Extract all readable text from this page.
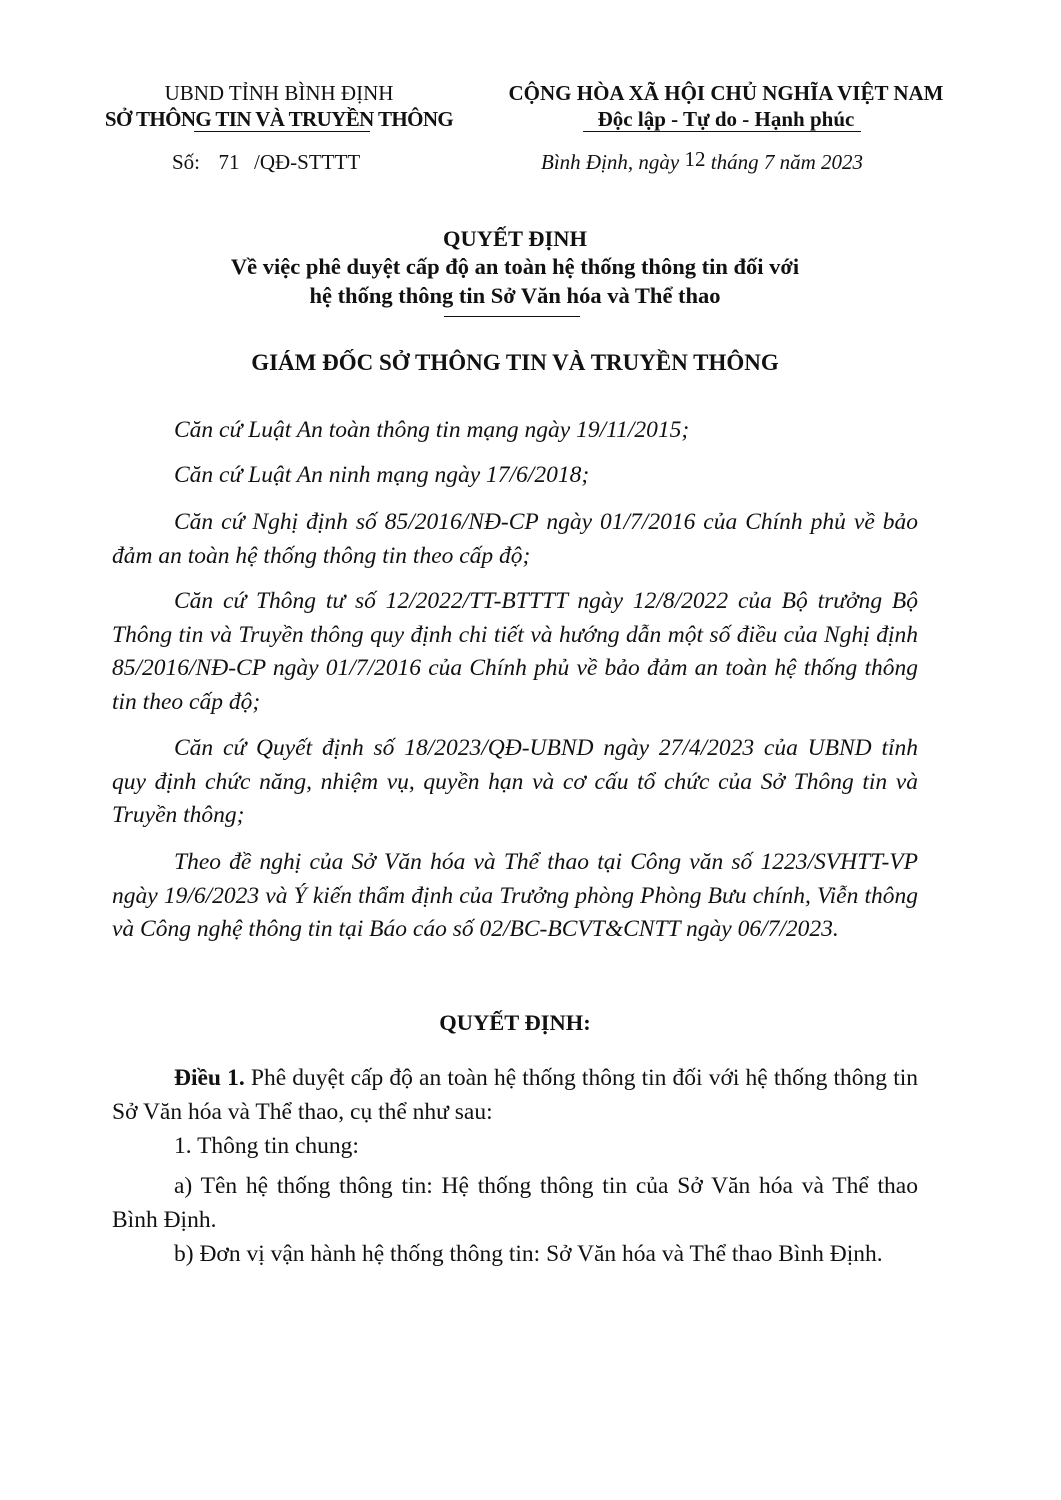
UBND TỈNH BÌNH ĐỊNH
SỞ THÔNG TIN VÀ TRUYỀN THÔNG
CỘNG HÒA XÃ HỘI CHỦ NGHĨA VIỆT NAM
Độc lập - Tự do - Hạnh phúc
Số: 71 /QĐ-STTTT	Bình Định, ngày 12 tháng 7 năm 2023
QUYẾT ĐỊNH
Về việc phê duyệt cấp độ an toàn hệ thống thông tin đối với
hệ thống thông tin Sở Văn hóa và Thể thao
GIÁM ĐỐC SỞ THÔNG TIN VÀ TRUYỀN THÔNG
Căn cứ Luật An toàn thông tin mạng ngày 19/11/2015;
Căn cứ Luật An ninh mạng ngày 17/6/2018;
Căn cứ Nghị định số 85/2016/NĐ-CP ngày 01/7/2016 của Chính phủ về bảo đảm an toàn hệ thống thông tin theo cấp độ;
Căn cứ Thông tư số 12/2022/TT-BTTTT ngày 12/8/2022 của Bộ trưởng Bộ Thông tin và Truyền thông quy định chi tiết và hướng dẫn một số điều của Nghị định 85/2016/NĐ-CP ngày 01/7/2016 của Chính phủ về bảo đảm an toàn hệ thống thông tin theo cấp độ;
Căn cứ Quyết định số 18/2023/QĐ-UBND ngày 27/4/2023 của UBND tỉnh quy định chức năng, nhiệm vụ, quyền hạn và cơ cấu tổ chức của Sở Thông tin và Truyền thông;
Theo đề nghị của Sở Văn hóa và Thể thao tại Công văn số 1223/SVHTT-VP ngày 19/6/2023 và Ý kiến thẩm định của Trưởng phòng Phòng Bưu chính, Viễn thông và Công nghệ thông tin tại Báo cáo số 02/BC-BCVT&CNTT ngày 06/7/2023.
QUYẾT ĐỊNH:
Điều 1. Phê duyệt cấp độ an toàn hệ thống thông tin đối với hệ thống thông tin Sở Văn hóa và Thể thao, cụ thể như sau:
1. Thông tin chung:
a) Tên hệ thống thông tin: Hệ thống thông tin của Sở Văn hóa và Thể thao Bình Định.
b) Đơn vị vận hành hệ thống thông tin: Sở Văn hóa và Thể thao Bình Định.
